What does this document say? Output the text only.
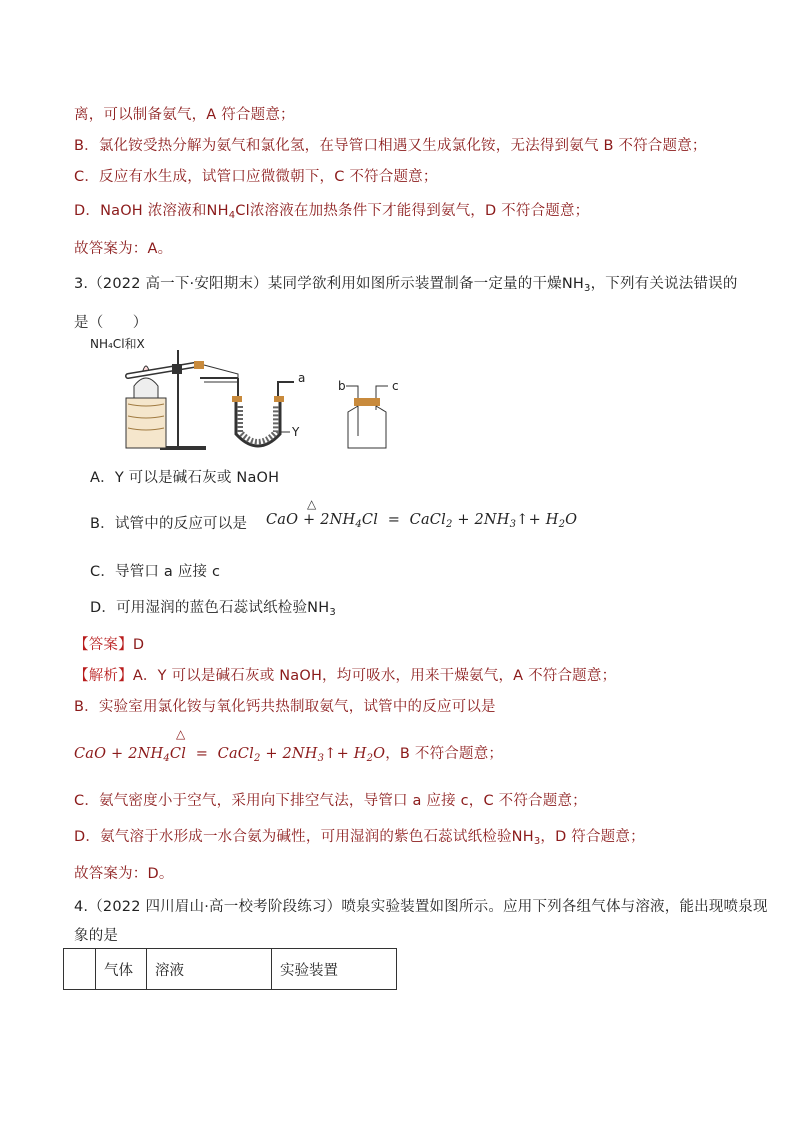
离，可以制备氨气，A 符合题意；
B．氯化铵受热分解为氨气和氯化氢，在导管口相遇又生成氯化铵，无法得到氨气 B 不符合题意；
C．反应有水生成，试管口应微微朝下，C 不符合题意；
D．NaOH 浓溶液和$NH_4Cl$浓溶液在加热条件下才能得到氨气，D 不符合题意；
故答案为：A。
3.（2022 高一下·安阳期末）某同学欲利用如图所示装置制备一定量的干燥$NH_3$，下列有关说法错误的
是（　　）
NH₄Cl和X
a
Y
b	c
A．Y 可以是碱石灰或 NaOH
B．试管中的反应可以是
△
CaO + $2NH_4Cl$ = CaCl$_2$ + $2NH_3↑+ H_2O$
C．导管口 a 应接 c
D．可用湿润的蓝色石蕊试纸检验$NH_3$
【答案】D
【解析】A．Y 可以是碱石灰或 NaOH，均可吸水，用来干燥氨气，A 不符合题意；
B．实验室用氯化铵与氧化钙共热制取氨气，试管中的反应可以是
△
CaO + $2NH_4Cl$ = CaCl$_2$ + $2NH_3↑+ H_2O$，B 不符合题意；
C．氨气密度小于空气，采用向下排空气法，导管口 a 应接 c，C 不符合题意；
D．氨气溶于水形成一水合氨为碱性，可用湿润的紫色石蕊试纸检验$NH_3$，D 符合题意；
故答案为：D。
4.（2022 四川眉山·高一校考阶段练习）喷泉实验装置如图所示。应用下列各组气体与溶液，能出现喷泉现
象的是
	气体	溶液	实验装置
